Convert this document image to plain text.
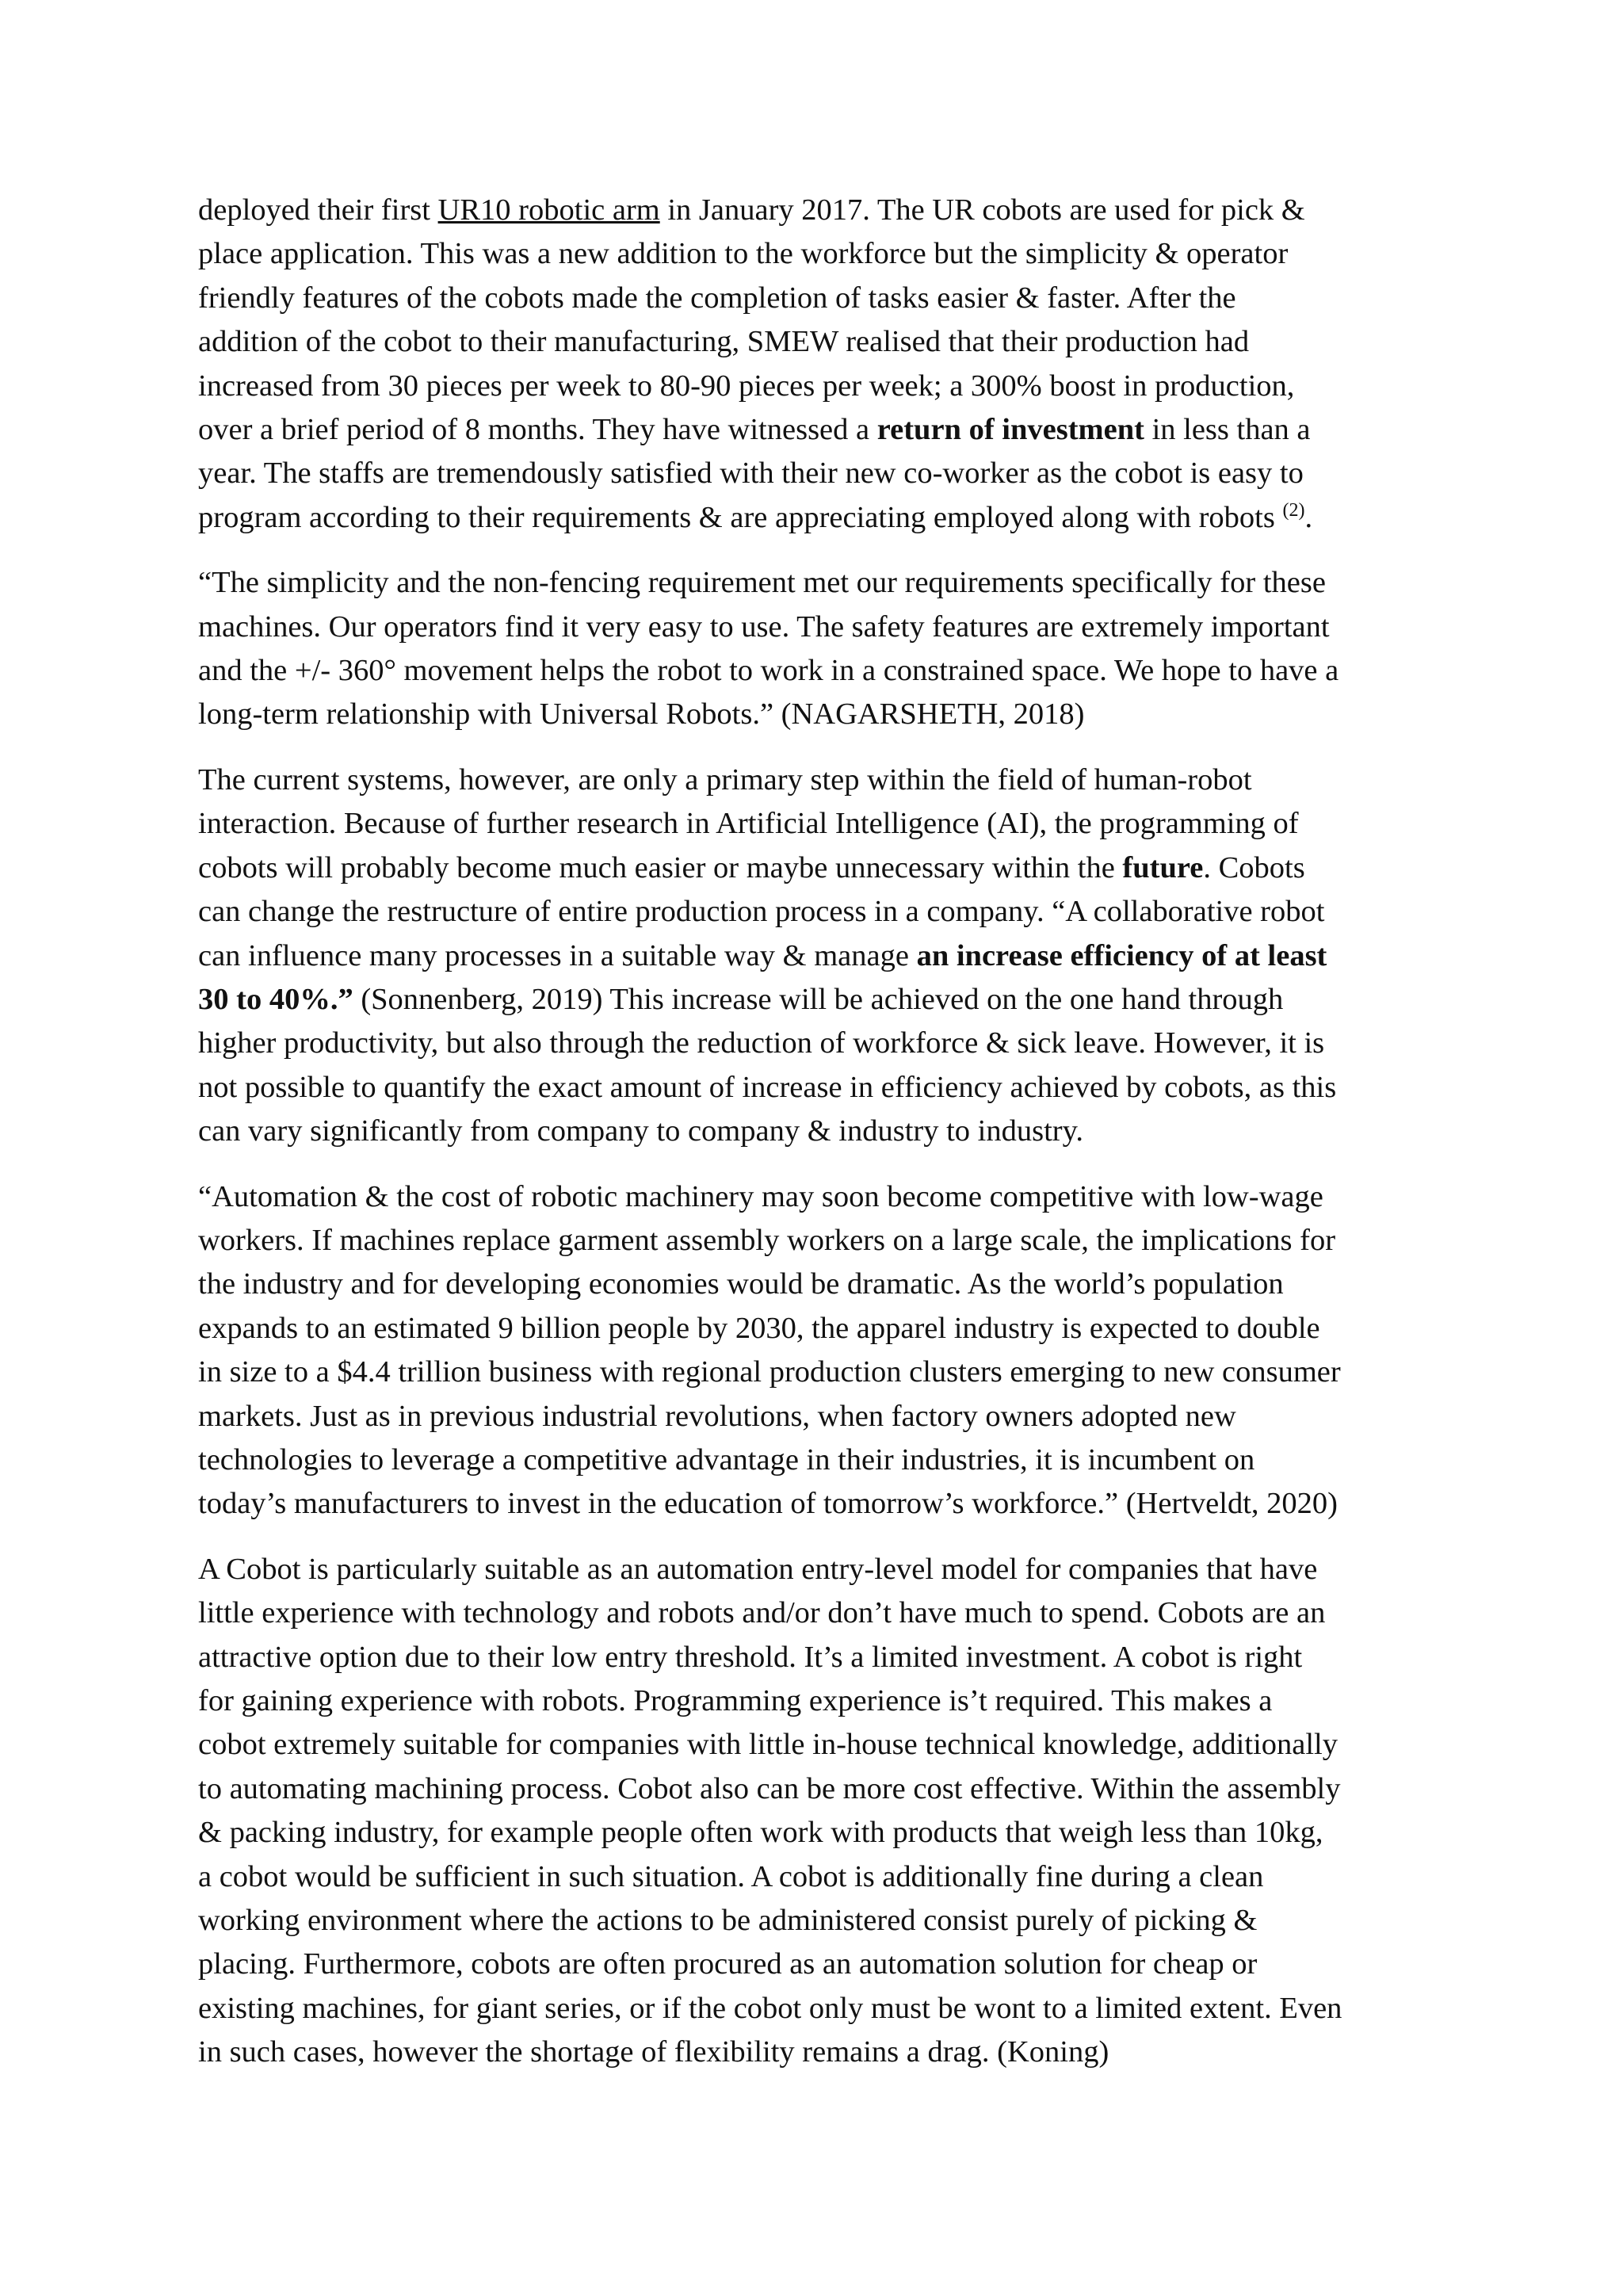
deployed their first UR10 robotic arm in January 2017. The UR cobots are used for pick &
place application. This was a new addition to the workforce but the simplicity & operator
friendly features of the cobots made the completion of tasks easier & faster. After the
addition of the cobot to their manufacturing, SMEW realised that their production had
increased from 30 pieces per week to 80-90 pieces per week; a 300% boost in production,
over a brief period of 8 months. They have witnessed a return of investment in less than a
year. The staffs are tremendously satisfied with their new co-worker as the cobot is easy to
program according to their requirements & are appreciating employed along with robots $^{(2)}$.
“The simplicity and the non-fencing requirement met our requirements specifically for these
machines. Our operators find it very easy to use. The safety features are extremely important
and the +/- 360° movement helps the robot to work in a constrained space. We hope to have a
long-term relationship with Universal Robots.” (NAGARSHETH, 2018)
The current systems, however, are only a primary step within the field of human-robot
interaction. Because of further research in Artificial Intelligence (AI), the programming of
cobots will probably become much easier or maybe unnecessary within the future. Cobots
can change the restructure of entire production process in a company. “A collaborative robot
can influence many processes in a suitable way & manage an increase efficiency of at least
30 to 40%.” (Sonnenberg, 2019) This increase will be achieved on the one hand through
higher productivity, but also through the reduction of workforce & sick leave. However, it is
not possible to quantify the exact amount of increase in efficiency achieved by cobots, as this
can vary significantly from company to company & industry to industry.
“Automation & the cost of robotic machinery may soon become competitive with low-wage
workers. If machines replace garment assembly workers on a large scale, the implications for
the industry and for developing economies would be dramatic. As the world’s population
expands to an estimated 9 billion people by 2030, the apparel industry is expected to double
in size to a $4.4 trillion business with regional production clusters emerging to new consumer
markets. Just as in previous industrial revolutions, when factory owners adopted new
technologies to leverage a competitive advantage in their industries, it is incumbent on
today’s manufacturers to invest in the education of tomorrow’s workforce.” (Hertveldt, 2020)
A Cobot is particularly suitable as an automation entry-level model for companies that have
little experience with technology and robots and/or don’t have much to spend. Cobots are an
attractive option due to their low entry threshold. It’s a limited investment. A cobot is right
for gaining experience with robots. Programming experience is’t required. This makes a
cobot extremely suitable for companies with little in-house technical knowledge, additionally
to automating machining process. Cobot also can be more cost effective. Within the assembly
& packing industry, for example people often work with products that weigh less than 10kg,
a cobot would be sufficient in such situation. A cobot is additionally fine during a clean
working environment where the actions to be administered consist purely of picking &
placing. Furthermore, cobots are often procured as an automation solution for cheap or
existing machines, for giant series, or if the cobot only must be wont to a limited extent. Even
in such cases, however the shortage of flexibility remains a drag. (Koning)
